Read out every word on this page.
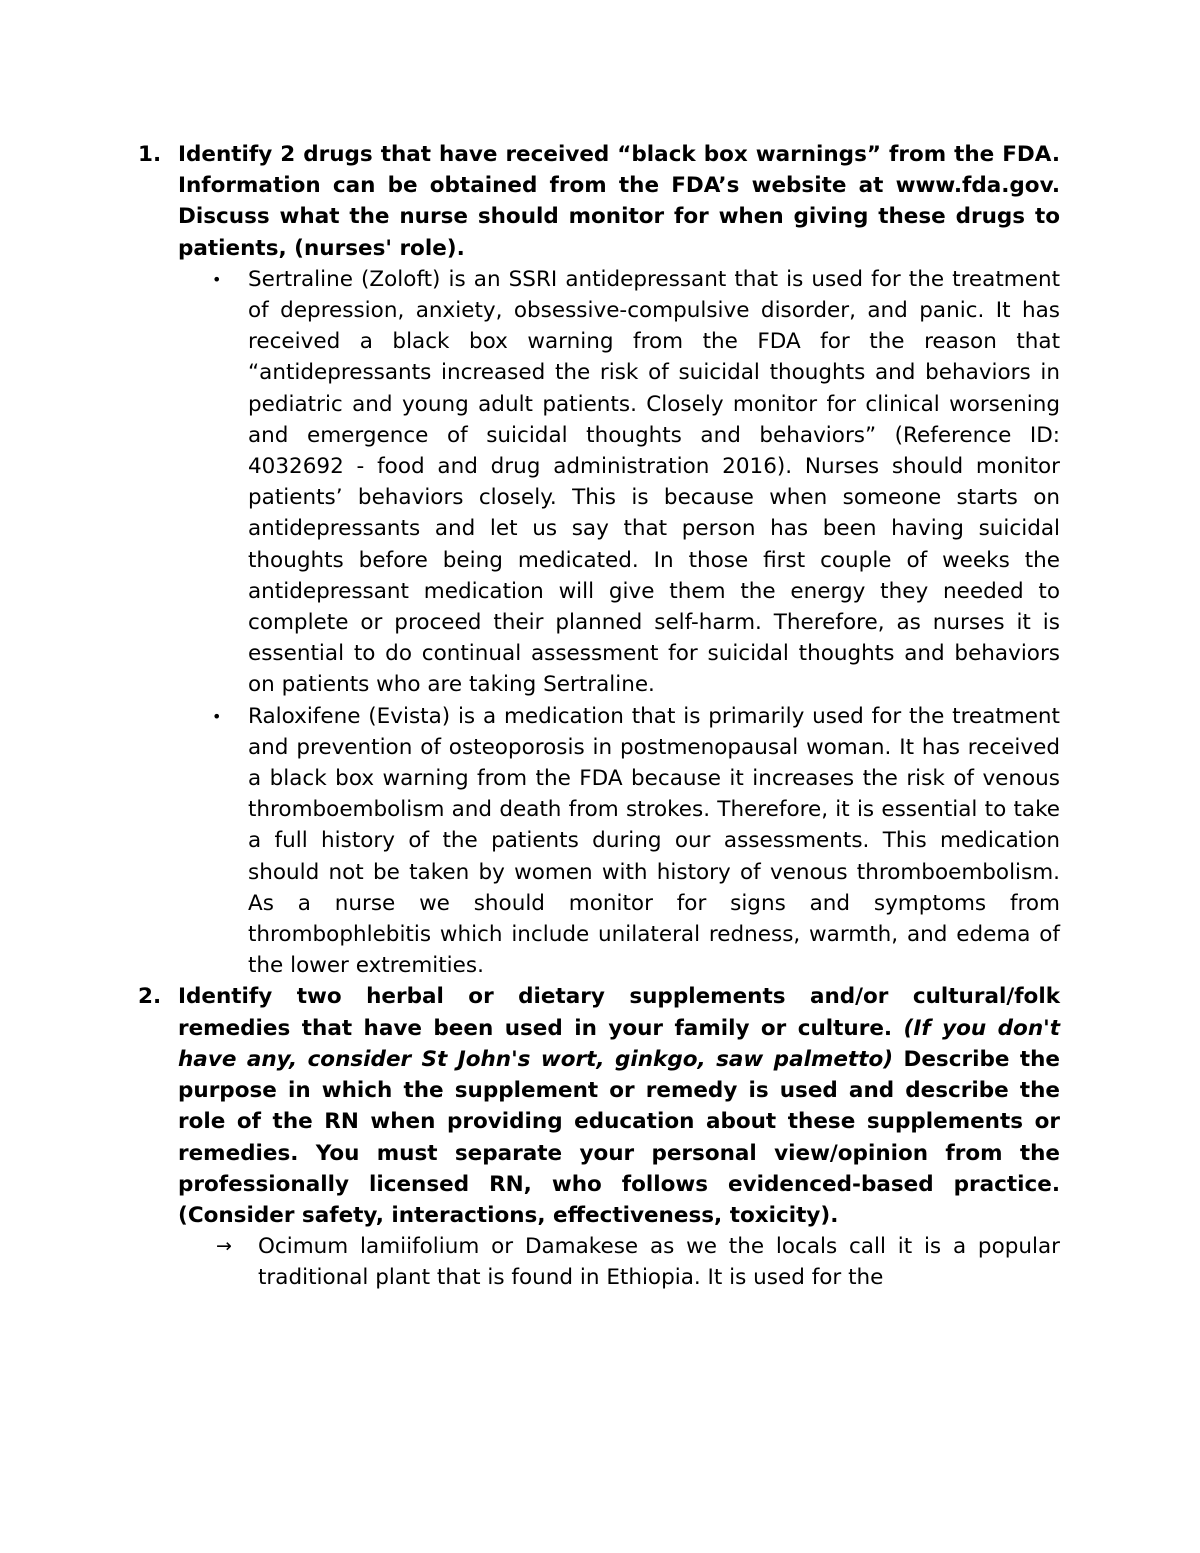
1. Identify 2 drugs that have received “black box warnings” from the FDA. Information can be obtained from the FDA’s website at www.fda.gov. Discuss what the nurse should monitor for when giving these drugs to patients, (nurses' role).

• Sertraline (Zoloft) is an SSRI antidepressant that is used for the treatment of depression, anxiety, obsessive-compulsive disorder, and panic. It has received a black box warning from the FDA for the reason that “antidepressants increased the risk of suicidal thoughts and behaviors in pediatric and young adult patients. Closely monitor for clinical worsening and emergence of suicidal thoughts and behaviors” (Reference ID: 4032692 - food and drug administration 2016). Nurses should monitor patients’ behaviors closely. This is because when someone starts on antidepressants and let us say that person has been having suicidal thoughts before being medicated. In those first couple of weeks the antidepressant medication will give them the energy they needed to complete or proceed their planned self-harm. Therefore, as nurses it is essential to do continual assessment for suicidal thoughts and behaviors on patients who are taking Sertraline.
• Raloxifene (Evista) is a medication that is primarily used for the treatment and prevention of osteoporosis in postmenopausal woman. It has received a black box warning from the FDA because it increases the risk of venous thromboembolism and death from strokes. Therefore, it is essential to take a full history of the patients during our assessments. This medication should not be taken by women with history of venous thromboembolism. As a nurse we should monitor for signs and symptoms from thrombophlebitis which include unilateral redness, warmth, and edema of the lower extremities.
2. Identify two herbal or dietary supplements and/or cultural/folk remedies that have been used in your family or culture. (If you don't have any, consider St John's wort, ginkgo, saw palmetto) Describe the purpose in which the supplement or remedy is used and describe the role of the RN when providing education about these supplements or remedies. You must separate your personal view/opinion from the professionally licensed RN, who follows evidenced-based practice. (Consider safety, interactions, effectiveness, toxicity).

→ Ocimum lamiifolium or Damakese as we the locals call it is a popular traditional plant that is found in Ethiopia. It is used for the
